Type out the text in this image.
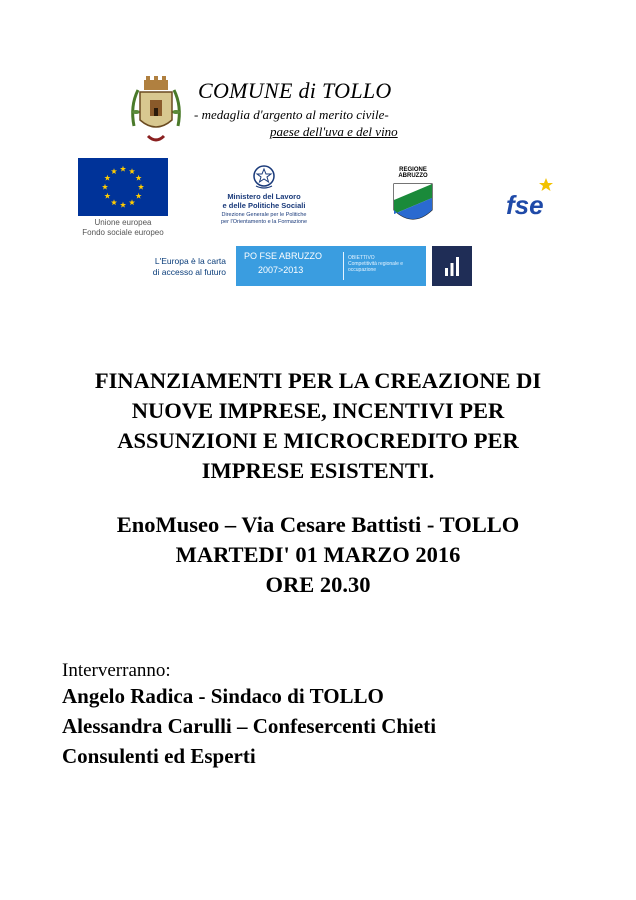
COMUNE di TOLLO
- medaglia d'argento al merito civile-
paese dell'uva e del vino
Unione europea
Fondo sociale europeo
Ministero del Lavoro
e delle Politiche Sociali
Direzione Generale per le Politiche
per l'Orientamento e la Formazione
REGIONE
ABRUZZO
fse
L'Europa è la carta
di accesso al futuro
PO FSE ABRUZZO
2007>2013
OBIETTIVO
Competitività regionale e occupazione
FINANZIAMENTI PER LA CREAZIONE DI
NUOVE IMPRESE, INCENTIVI PER
ASSUNZIONI E MICROCREDITO PER
IMPRESE ESISTENTI.
EnoMuseo – Via Cesare Battisti - TOLLO
MARTEDI' 01 MARZO 2016
ORE 20.30
Interverranno:
Angelo Radica - Sindaco di TOLLO
Alessandra Carulli – Confesercenti Chieti
Consulenti ed Esperti
